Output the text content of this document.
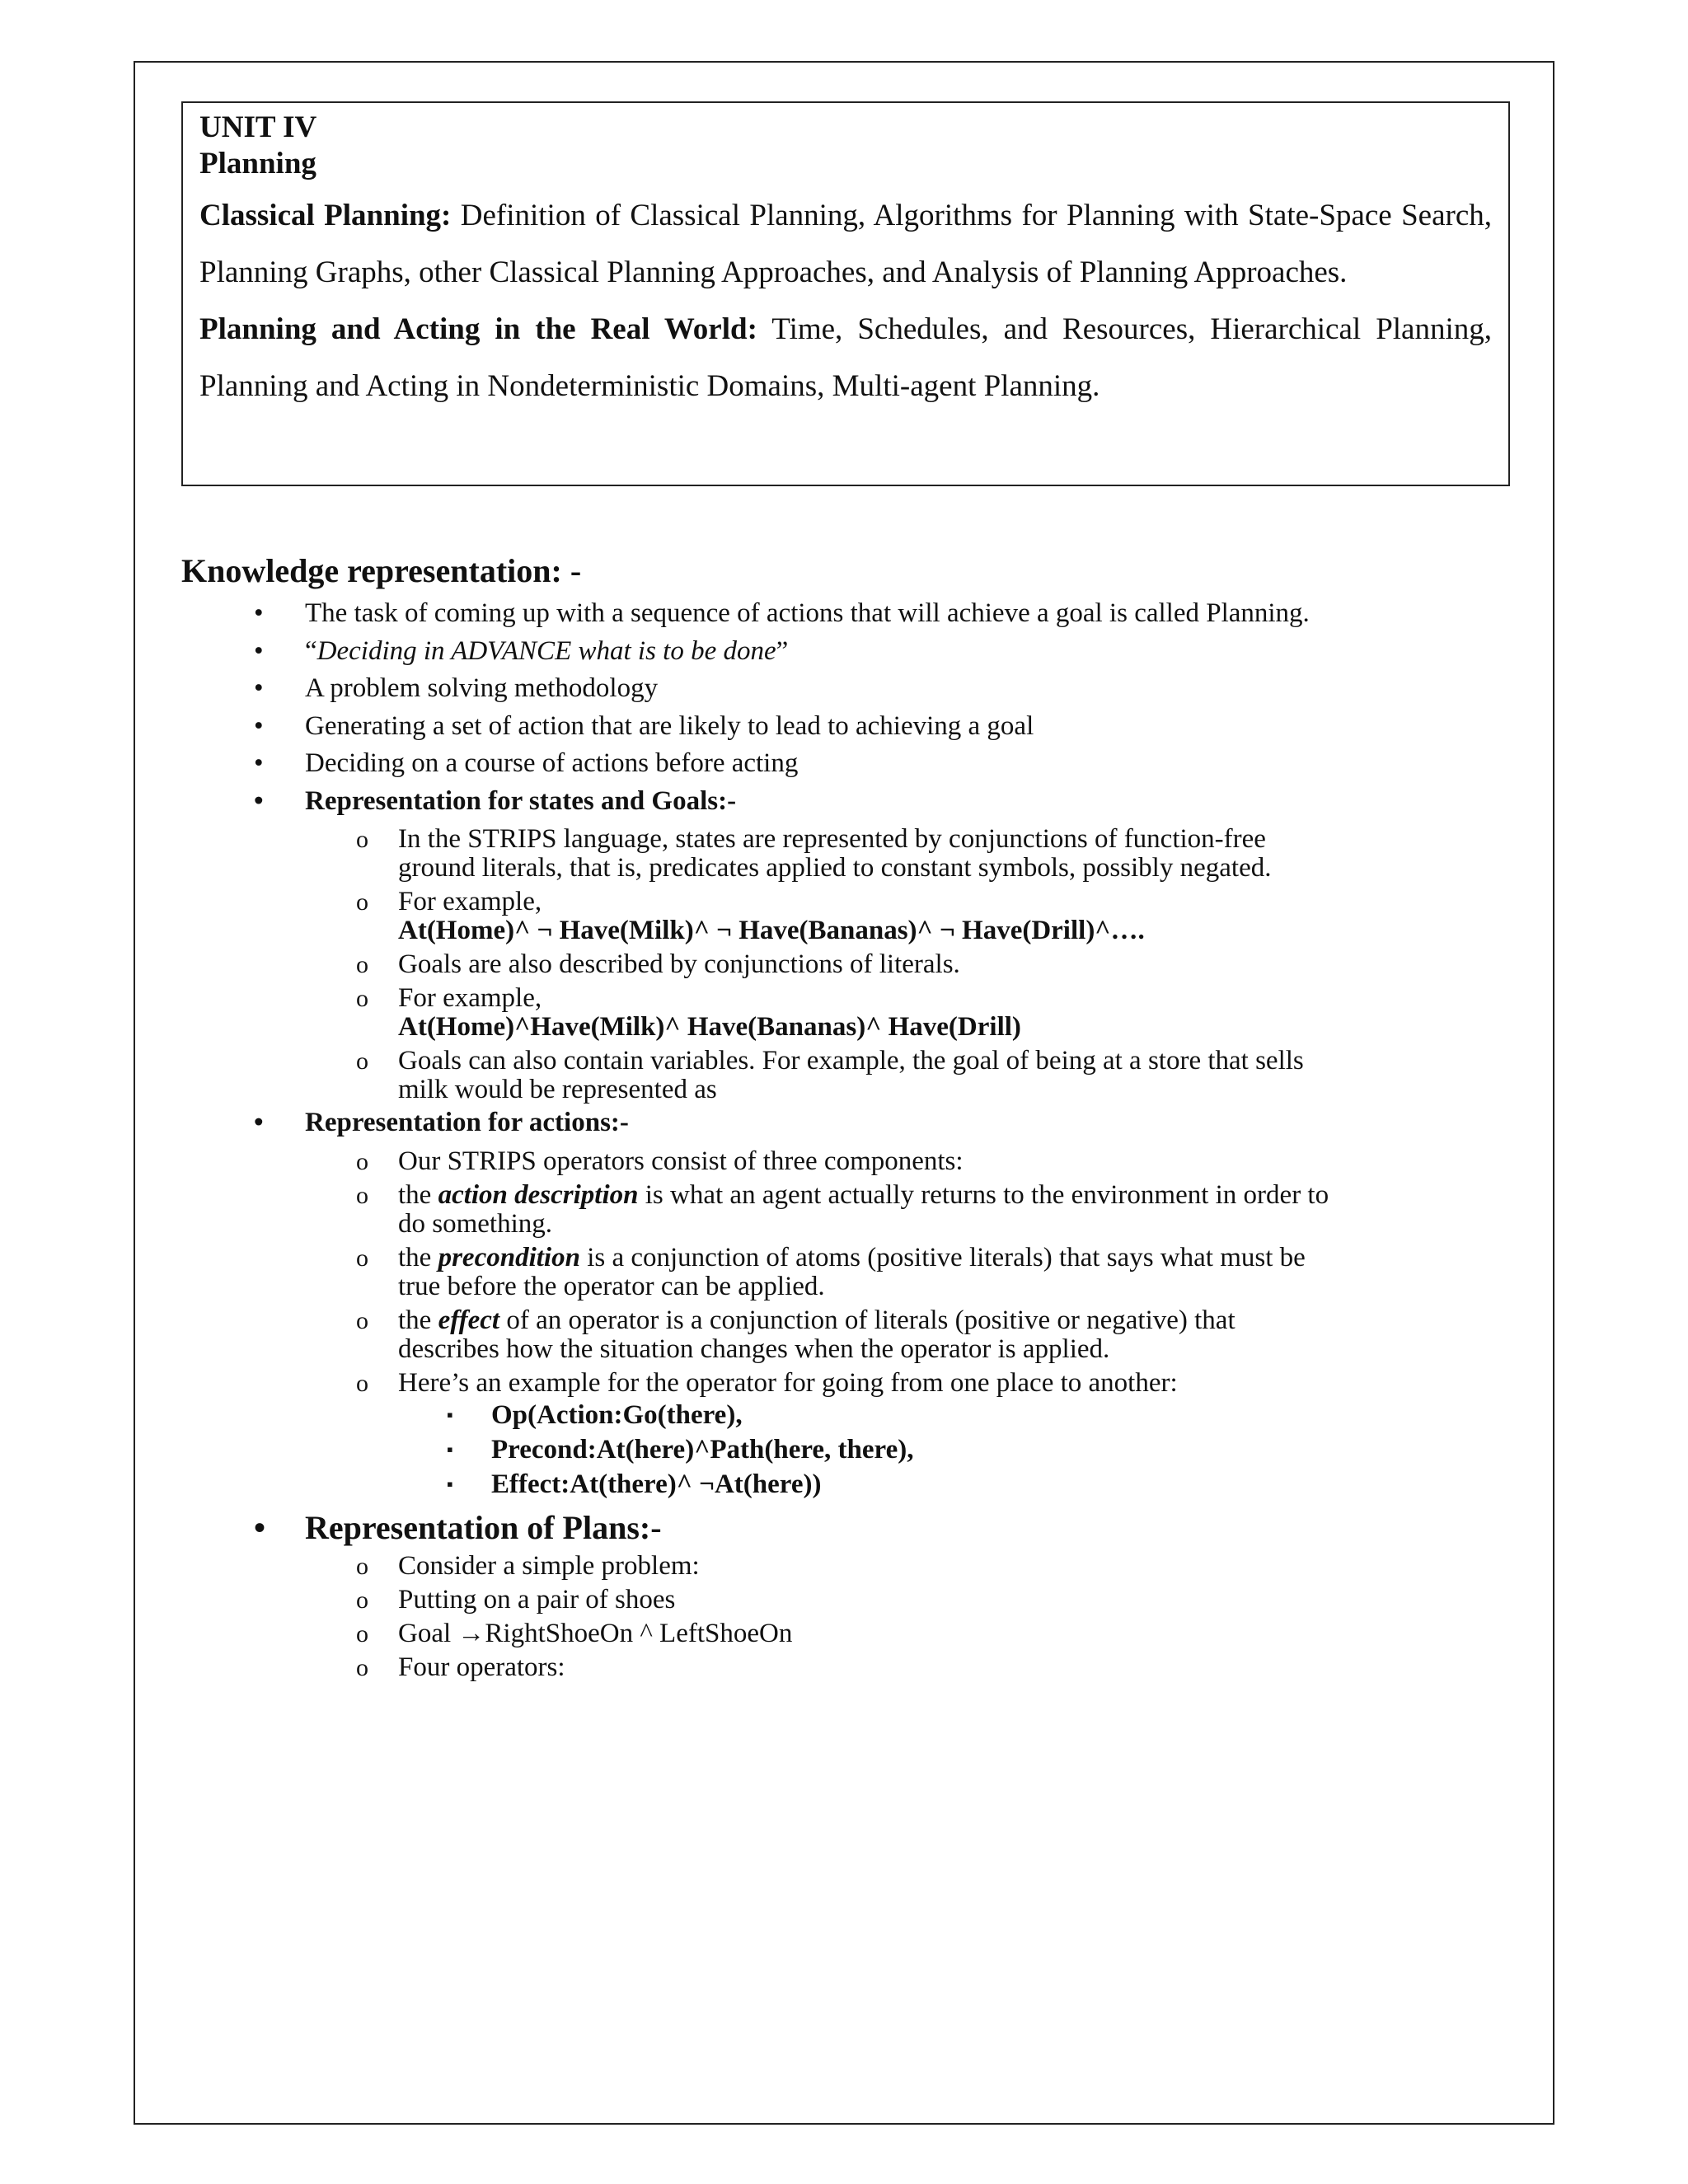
UNIT IV
Planning
Classical Planning: Definition of Classical Planning, Algorithms for Planning with State-Space Search, Planning Graphs, other Classical Planning Approaches, and Analysis of Planning Approaches.
Planning and Acting in the Real World: Time, Schedules, and Resources, Hierarchical Planning, Planning and Acting in Nondeterministic Domains, Multi-agent Planning.
Knowledge representation: -
• The task of coming up with a sequence of actions that will achieve a goal is called Planning.
• “Deciding in ADVANCE what is to be done”
• A problem solving methodology
• Generating a set of action that are likely to lead to achieving a goal
• Deciding on a course of actions before acting
• Representation for states and Goals:-
o In the STRIPS language, states are represented by conjunctions of function-free
ground literals, that is, predicates applied to constant symbols, possibly negated.
o For example,
At(Home)^ ¬ Have(Milk)^ ¬ Have(Bananas)^ ¬ Have(Drill)^….
o Goals are also described by conjunctions of literals.
o For example,
At(Home)^Have(Milk)^ Have(Bananas)^ Have(Drill)
o Goals can also contain variables. For example, the goal of being at a store that sells
milk would be represented as
• Representation for actions:-
o Our STRIPS operators consist of three components:
o the action description is what an agent actually returns to the environment in order to
do something.
o the precondition is a conjunction of atoms (positive literals) that says what must be
true before the operator can be applied.
o the effect of an operator is a conjunction of literals (positive or negative) that
describes how the situation changes when the operator is applied.
o Here’s an example for the operator for going from one place to another:
▪ Op(Action:Go(there),
▪ Precond:At(here)^Path(here, there),
▪ Effect:At(there)^ ¬At(here))
• Representation of Plans:-
o Consider a simple problem:
o Putting on a pair of shoes
o Goal →RightShoeOn ^ LeftShoeOn
o Four operators:
